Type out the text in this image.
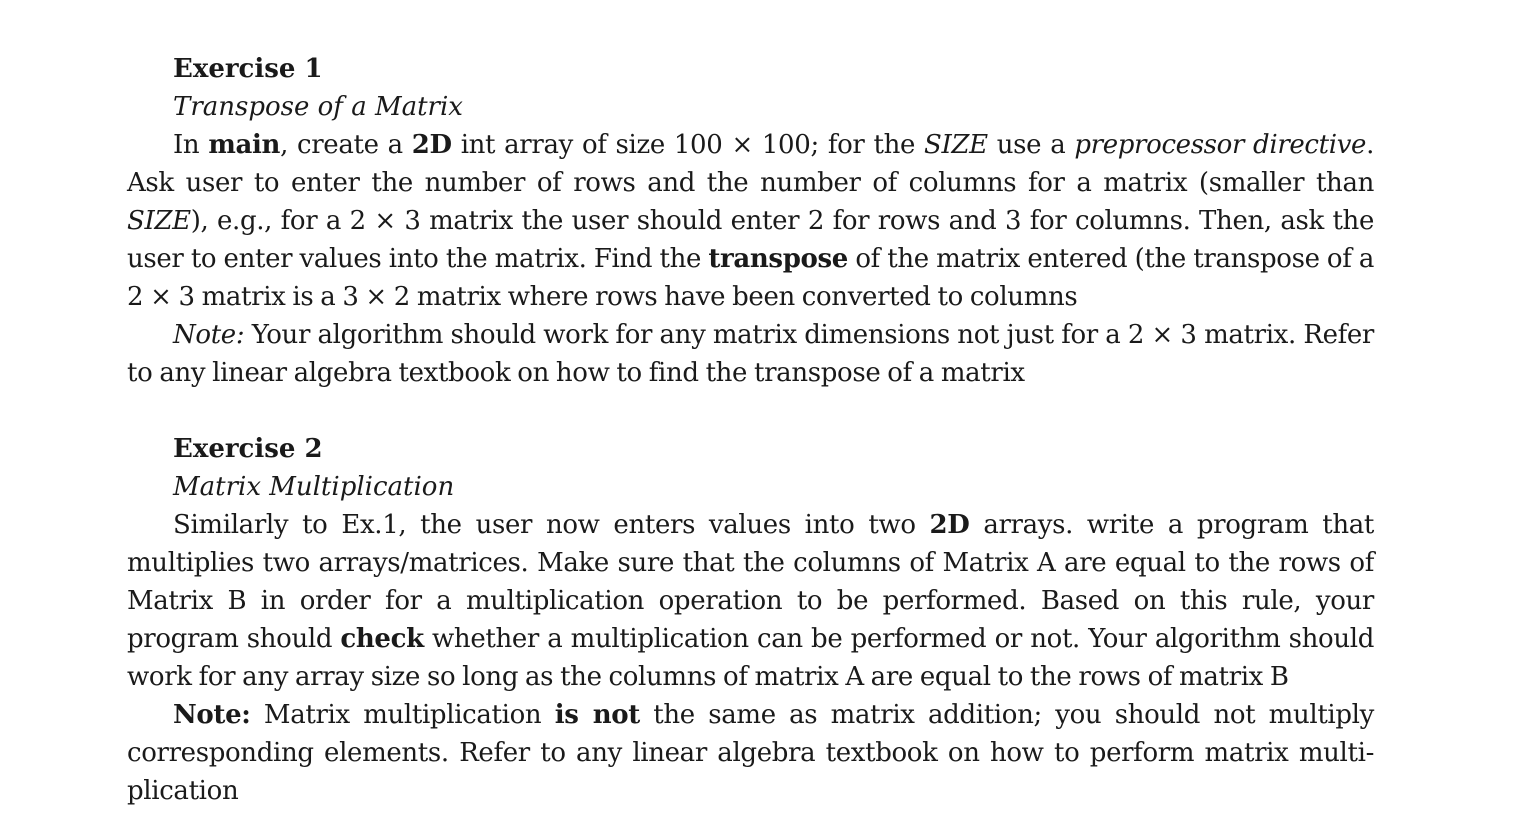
Exercise 1

Transpose of a Matrix

In main, create a 2D int array of size 100 × 100; for the SIZE use a preprocessor directive. Ask user to enter the number of rows and the number of columns for a matrix (smaller than SIZE), e.g., for a 2 × 3 matrix the user should enter 2 for rows and 3 for columns. Then, ask the user to enter values into the matrix. Find the transpose of the matrix entered (the transpose of a 2 × 3 matrix is a 3 × 2 matrix where rows have been converted to columns

Note: Your algorithm should work for any matrix dimensions not just for a 2 × 3 matrix. Refer to any linear algebra textbook on how to find the transpose of a matrix

Exercise 2

Matrix Multiplication

Similarly to Ex.1, the user now enters values into two 2D arrays. write a program that multiplies two arrays/matrices. Make sure that the columns of Matrix A are equal to the rows of Matrix B in order for a multiplication operation to be performed. Based on this rule, your program should check whether a multiplication can be performed or not. Your algorithm should work for any array size so long as the columns of matrix A are equal to the rows of matrix B

Note: Matrix multiplication is not the same as matrix addition; you should not multiply corresponding elements. Refer to any linear algebra textbook on how to perform matrix multi-plication
